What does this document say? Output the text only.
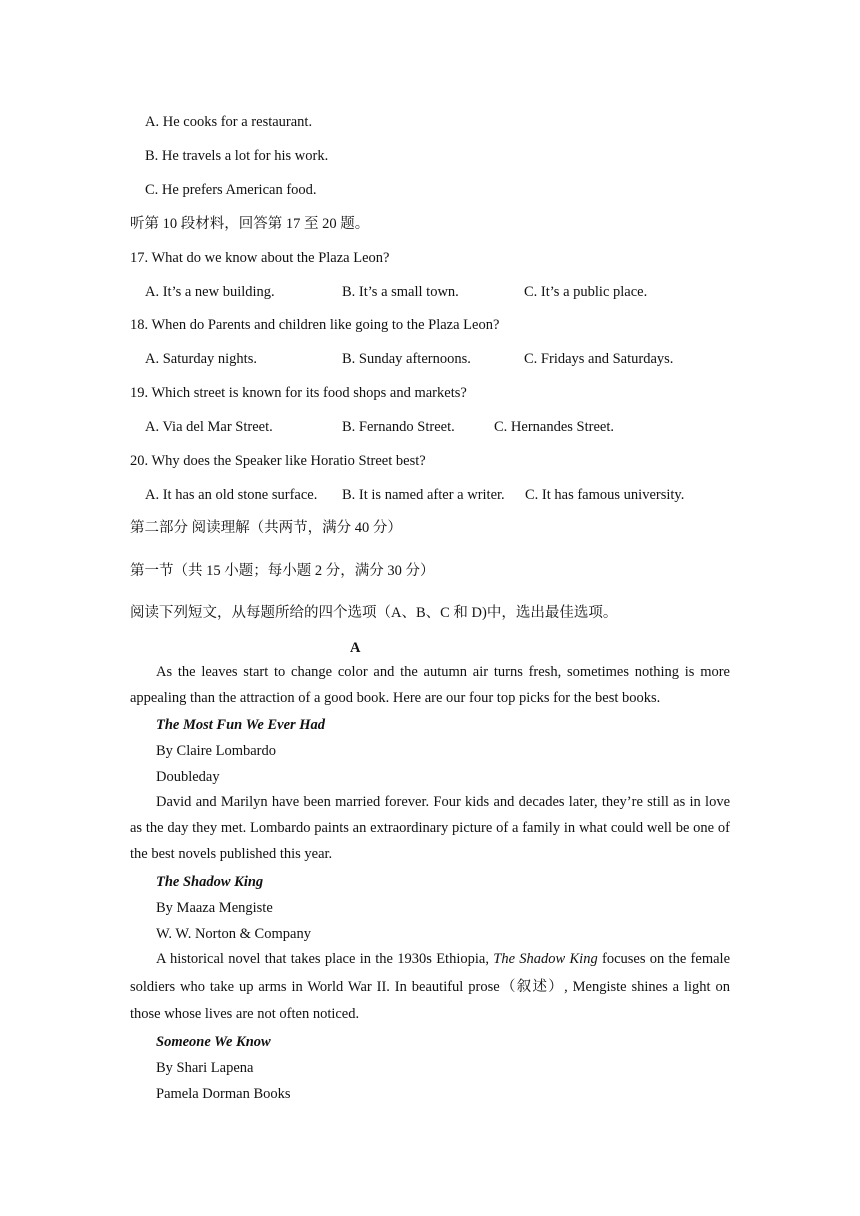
A. He cooks for a restaurant.
B. He travels a lot for his work.
C. He prefers American food.
听第 10 段材料，回答第 17 至 20 题。
17. What do we know about the Plaza Leon?
A. It’s a new building.	B. It’s a small town.	C. It’s a public place.
18. When do Parents and children like going to the Plaza Leon?
A. Saturday nights.	B. Sunday afternoons.	C. Fridays and Saturdays.
19. Which street is known for its food shops and markets?
A. Via del Mar Street.	B. Fernando Street.	C. Hernandes Street.
20. Why does the Speaker like Horatio Street best?
A. It has an old stone surface. B. It is named after a writer. C. It has famous university.
第二部分 阅读理解（共两节，满分 40 分）
第一节（共 15 小题；每小题 2 分，满分 30 分）
阅读下列短文，从每题所给的四个选项（A、B、C 和 D)中，选出最佳选项。
A
As the leaves start to change color and the autumn air turns fresh, sometimes nothing is more appealing than the attraction of a good book. Here are our four top picks for the best books.
The Most Fun We Ever Had
By Claire Lombardo
Doubleday
David and Marilyn have been married forever. Four kids and decades later, they’re still as in love as the day they met. Lombardo paints an extraordinary picture of a family in what could well be one of the best novels published this year.
The Shadow King
By Maaza Mengiste
W. W. Norton & Company
A historical novel that takes place in the 1930s Ethiopia, The Shadow King focuses on the female soldiers who take up arms in World War II. In beautiful prose（叙述）, Mengiste shines a light on those whose lives are not often noticed.
Someone We Know
By Shari Lapena
Pamela Dorman Books
